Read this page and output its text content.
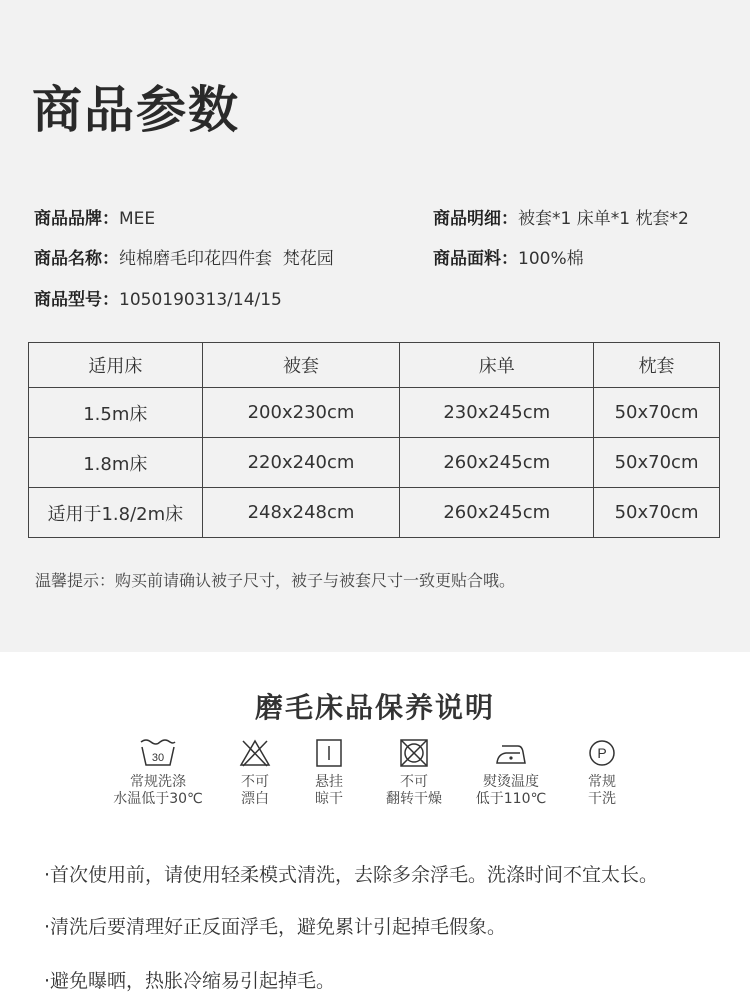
商品参数
商品品牌：MEE	商品明细：被套*1 床单*1 枕套*2
商品名称：纯棉磨毛印花四件套  梵花园	商品面料：100%棉
商品型号：1050190313/14/15
适用床	被套	床单	枕套
1.5m床	200x230cm	230x245cm	50x70cm
1.8m床	220x240cm	260x245cm	50x70cm
适用于1.8/2m床	248x248cm	260x245cm	50x70cm
温馨提示：购买前请确认被子尺寸，被子与被套尺寸一致更贴合哦。
磨毛床品保养说明
30
常规洗涤
水温低于30℃
不可
漂白
悬挂
晾干
不可
翻转干燥
熨烫温度
低于110℃
P
常规
干洗
·首次使用前，请使用轻柔模式清洗，去除多余浮毛。洗涤时间不宜太长。
·清洗后要清理好正反面浮毛，避免累计引起掉毛假象。
·避免曝晒，热胀冷缩易引起掉毛。
